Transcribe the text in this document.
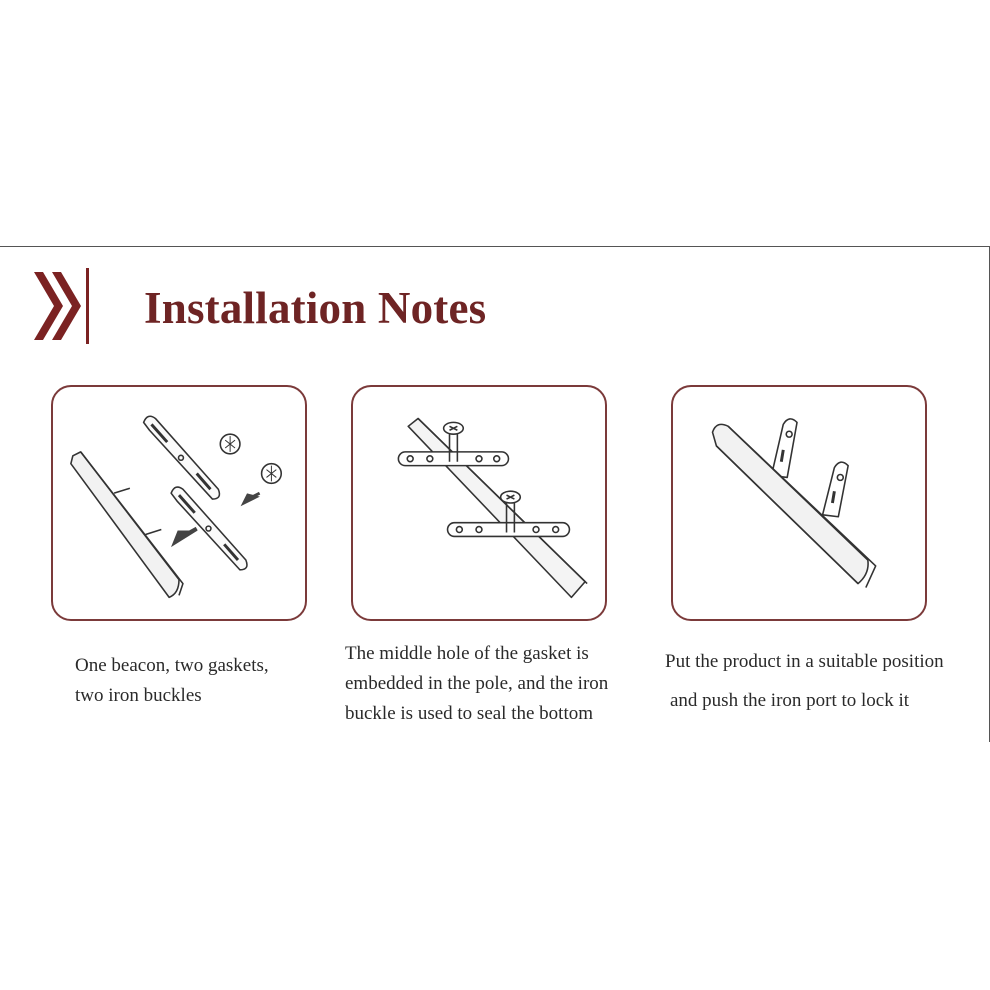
Installation Notes
One beacon, two gaskets,
two iron buckles
The middle hole of the gasket is
embedded in the pole, and the iron
buckle is used to seal the bottom
Put the product in a suitable position
and push the iron port to lock it
